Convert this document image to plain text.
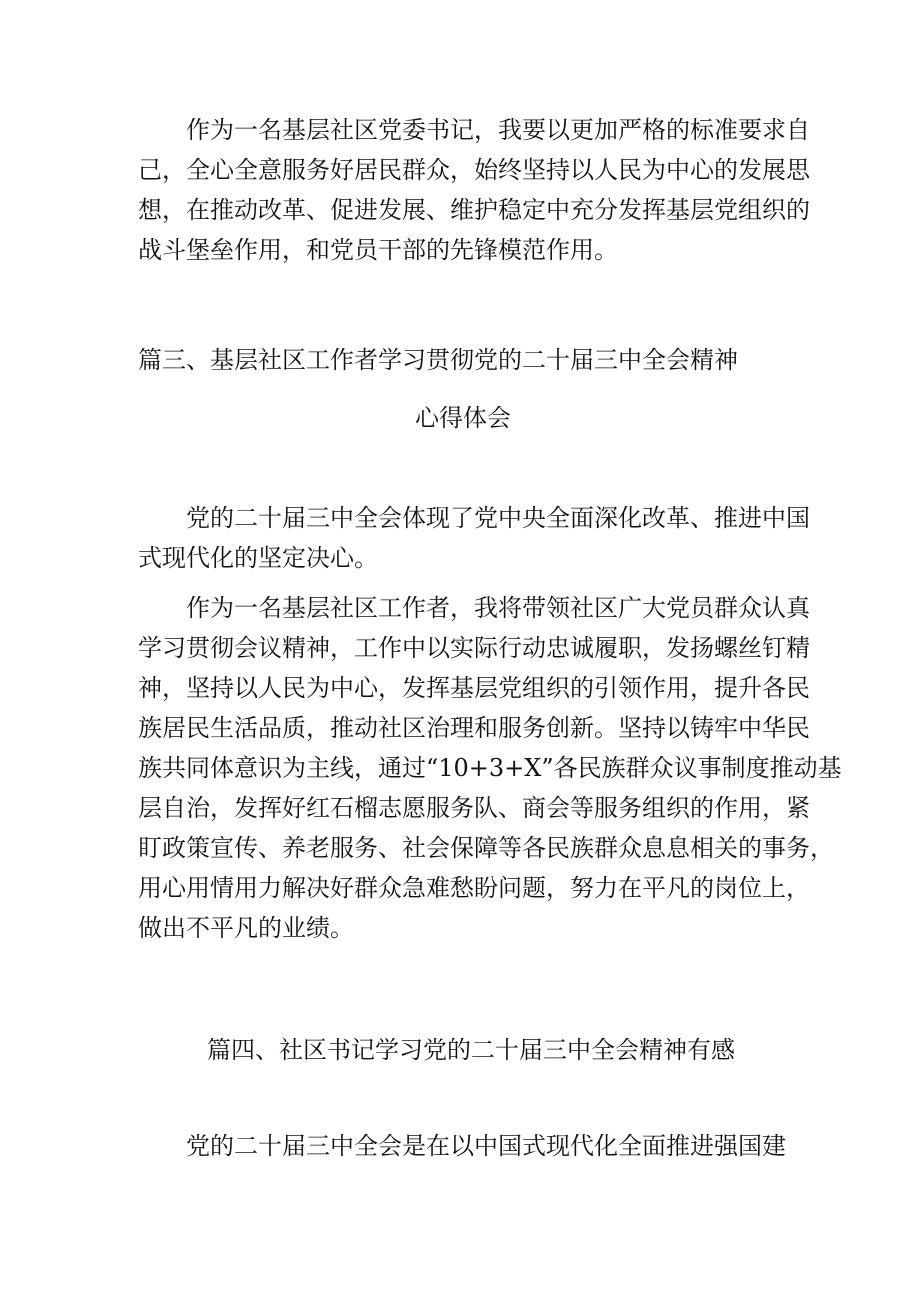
作为一名基层社区党委书记，我要以更加严格的标准要求自
己，全心全意服务好居民群众，始终坚持以人民为中心的发展思
想，在推动改革、促进发展、维护稳定中充分发挥基层党组织的
战斗堡垒作用，和党员干部的先锋模范作用。
篇三、基层社区工作者学习贯彻党的二十届三中全会精神
心得体会
党的二十届三中全会体现了党中央全面深化改革、推进中国
式现代化的坚定决心。
作为一名基层社区工作者，我将带领社区广大党员群众认真
学习贯彻会议精神，工作中以实际行动忠诚履职，发扬螺丝钉精
神，坚持以人民为中心，发挥基层党组织的引领作用，提升各民
族居民生活品质，推动社区治理和服务创新。坚持以铸牢中华民
族共同体意识为主线，通过“10+3+X”各民族群众议事制度推动基
层自治，发挥好红石榴志愿服务队、商会等服务组织的作用，紧
盯政策宣传、养老服务、社会保障等各民族群众息息相关的事务，
用心用情用力解决好群众急难愁盼问题，努力在平凡的岗位上，
做出不平凡的业绩。
篇四、社区书记学习党的二十届三中全会精神有感
党的二十届三中全会是在以中国式现代化全面推进强国建
